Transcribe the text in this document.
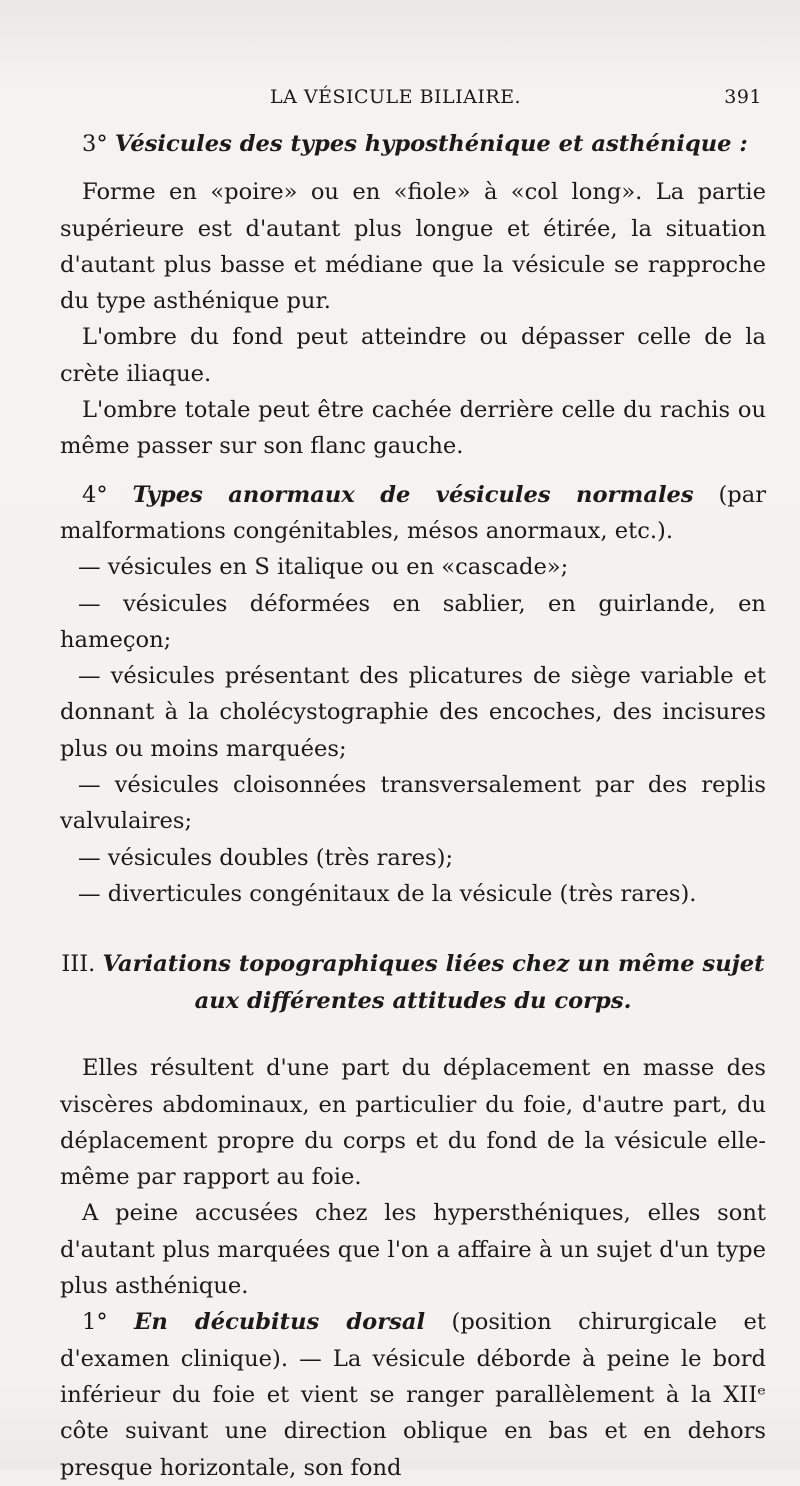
LA VÉSICULE BILIAIRE.	391

3° Vésicules des types hyposthénique et asthénique :

Forme en «poire» ou en «fiole» à «col long». La partie supérieure est d'autant plus longue et étirée, la situation d'autant plus basse et médiane que la vésicule se rapproche du type asthénique pur.

L'ombre du fond peut atteindre ou dépasser celle de la crète iliaque.

L'ombre totale peut être cachée derrière celle du rachis ou même passer sur son flanc gauche.

4° Types anormaux de vésicules normales (par malformations congénitables, mésos anormaux, etc.).

— vésicules en S italique ou en «cascade»;

— vésicules déformées en sablier, en guirlande, en hameçon;

— vésicules présentant des plicatures de siège variable et donnant à la cholécystographie des encoches, des incisures plus ou moins marquées;

— vésicules cloisonnées transversalement par des replis valvulaires;

— vésicules doubles (très rares);

— diverticules congénitaux de la vésicule (très rares).

III. Variations topographiques liées chez un même sujet
aux différentes attitudes du corps.

Elles résultent d'une part du déplacement en masse des viscères abdominaux, en particulier du foie, d'autre part, du déplacement propre du corps et du fond de la vésicule elle-même par rapport au foie.

A peine accusées chez les hypersthéniques, elles sont d'autant plus marquées que l'on a affaire à un sujet d'un type plus asthénique.

1° En décubitus dorsal (position chirurgicale et d'examen clinique). — La vésicule déborde à peine le bord inférieur du foie et vient se ranger parallèlement à la XIIᵉ côte suivant une direction oblique en bas et en dehors presque horizontale, son fond
